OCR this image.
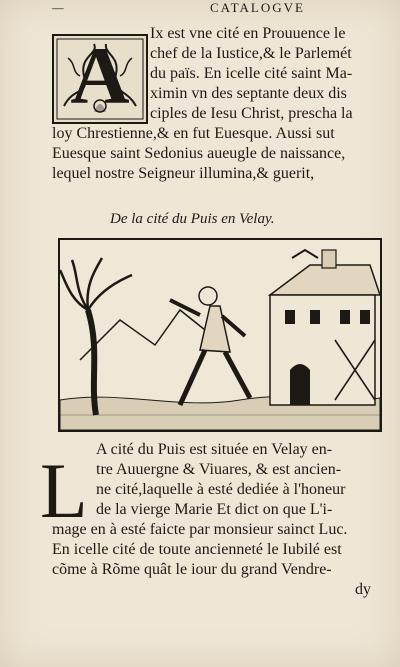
—	CATALOGVE
A	Ix est vne cité en Prouuence le
chef de la Iustice,& le Parlemét
du païs. En icelle cité saint Ma-
ximin vn des septante deux dis
ciples de Iesu Christ, prescha la
loy Chrestienne,& en fut Euesque. Aussi sut
Euesque saint Sedonius aueugle de naissance,
lequel nostre Seigneur illumina,& guerit,
De la cité du Puis en Velay.
L A cité du Puis est située en Velay en-
tre Auuergne & Viuares, & est ancien-
ne cité,laquelle à esté dediée à l'honeur
de la vierge Marie Et dict on que L'i-
mage en à esté faicte par monsieur sainct Luc.
En icelle cité de toute ancienneté le Iubilé est
cõme à Rõme quât le iour du grand Vendre-
dy
